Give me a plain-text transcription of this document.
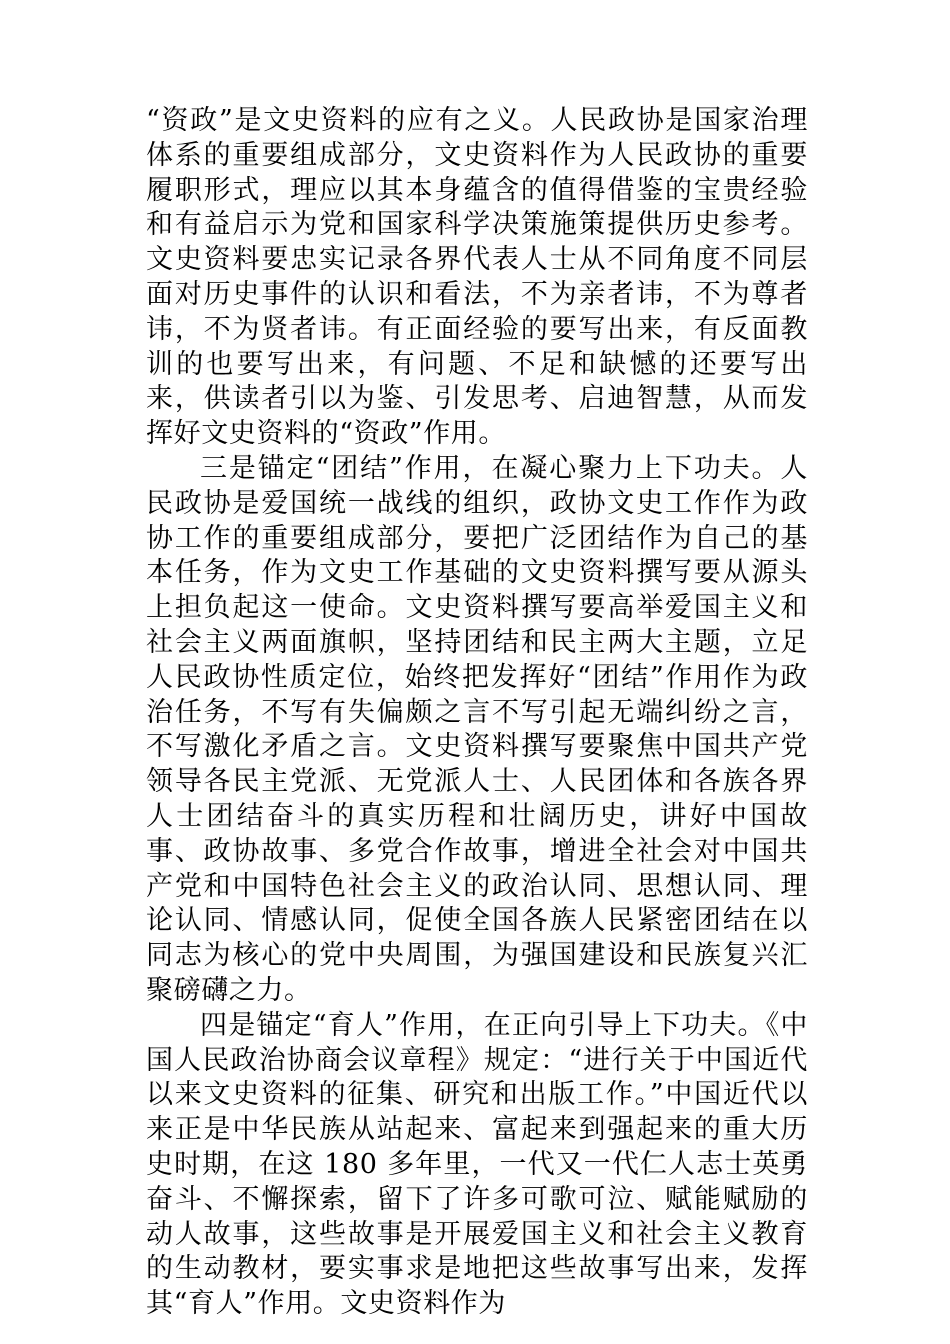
“资政”是文史资料的应有之义。人民政协是国家治理体系的重要组成部分，文史资料作为人民政协的重要履职形式，理应以其本身蕴含的值得借鉴的宝贵经验和有益启示为党和国家科学决策施策提供历史参考。文史资料要忠实记录各界代表人士从不同角度不同层面对历史事件的认识和看法，不为亲者讳，不为尊者讳，不为贤者讳。有正面经验的要写出来，有反面教训的也要写出来，有问题、不足和缺憾的还要写出来，供读者引以为鉴、引发思考、启迪智慧，从而发挥好文史资料的“资政”作用。

三是锚定“团结”作用，在凝心聚力上下功夫。人民政协是爱国统一战线的组织，政协文史工作作为政协工作的重要组成部分，要把广泛团结作为自己的基本任务，作为文史工作基础的文史资料撰写要从源头上担负起这一使命。文史资料撰写要高举爱国主义和社会主义两面旗帜，坚持团结和民主两大主题，立足人民政协性质定位，始终把发挥好“团结”作用作为政治任务，不写有失偏颇之言不写引起无端纠纷之言，不写激化矛盾之言。文史资料撰写要聚焦中国共产党领导各民主党派、无党派人士、人民团体和各族各界人士团结奋斗的真实历程和壮阔历史，讲好中国故事、政协故事、多党合作故事，增进全社会对中国共产党和中国特色社会主义的政治认同、思想认同、理论认同、情感认同，促使全国各族人民紧密团结在以同志为核心的党中央周围，为强国建设和民族复兴汇聚磅礴之力。

四是锚定“育人”作用，在正向引导上下功夫。《中国人民政治协商会议章程》规定：“进行关于中国近代以来文史资料的征集、研究和出版工作。”中国近代以来正是中华民族从站起来、富起来到强起来的重大历史时期，在这 180 多年里，一代又一代仁人志士英勇奋斗、不懈探索，留下了许多可歌可泣、赋能赋励的动人故事，这些故事是开展爱国主义和社会主义教育的生动教材，要实事求是地把这些故事写出来，发挥其“育人”作用。文史资料作为
